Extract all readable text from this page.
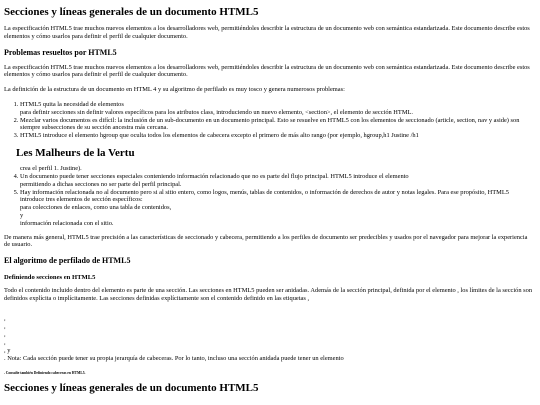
Secciones y líneas generales de un documento HTML5

La especificación HTML5 trae muchos nuevos elementos a los desarrolladores web, permitiéndoles describir la estructura de un documento web con semántica estandarizada. Este documento describe estos elementos y cómo usarlos para definir el perfil de cualquier documento.

Problemas resueltos por HTML5

La especificación HTML5 trae muchos nuevos elementos a los desarrolladores web, permitiéndoles describir la estructura de un documento web con semántica estandarizada. Este documento describe estos elementos y cómo usarlos para definir el perfil de cualquier documento.

La definición de la estructura de un documento en HTML 4 y su algoritmo de perfilado es muy tosco y genera numerosos problemas:

1. HTML5 quita la necesidad de elementos
para definir secciones sin definir valores específicos para los atributos class, introduciendo un nuevo elemento, <section>, el elemento de sección HTML.
2. Mezclar varios documentos es difícil: la inclusión de un sub-documento en un documento principal. Esto se resuelve en HTML5 con los elementos de seccionado (article, section, nav y aside) son siempre subsecciones de su sección ancestra más cercana.
3. HTML5 introduce el elemento hgroup que oculta todos los elementos de cabecera excepto el primero de más alto rango (por ejemplo, hgroup,h1 Justine /h1
Les Malheurs de la Vertu

crea el perfil 1. Justine).

4. Un documento puede tener secciones especiales conteniendo información relacionado que no es parte del flujo principal. HTML5 introduce el elemento
permitiendo a dichas secciones no ser parte del perfil principal.
5. Hay información relacionada no al documento pero si al sitio entero, como logos, menús, tablas de contenidos, o información de derechos de autor y notas legales. Para ese propósito, HTML5 introduce tres elementos de sección específicos:
para colecciones de enlaces, como una tabla de contenidos,
y
información relacionada con el sitio.

De manera más general, HTML5 trae precisión a las características de seccionado y cabecera, permitiendo a los perfiles de documento ser predecibles y usados por el navegador para mejorar la experiencia de usuario.

El algoritmo de perfilado de HTML5
Definiendo secciones en HTML5

Todo el contenido incluido dentro del elemento es parte de una sección. Las secciones en HTML5 pueden ser anidadas. Además de la sección principal, definida por el elemento , los límites de la sección son definidos explícita o implícitamente. Las secciones definidas explícitamente son el contenido definido en las etiquetas ,

,
,
,
,
, y
. Nota: Cada sección puede tener su propia jerarquía de cabeceras. Por lo tanto, incluso una sección anidada puede tener un elemento
. Consulte también Definiendo cabeceras en HTML5.
Secciones y líneas generales de un documento HTML5
